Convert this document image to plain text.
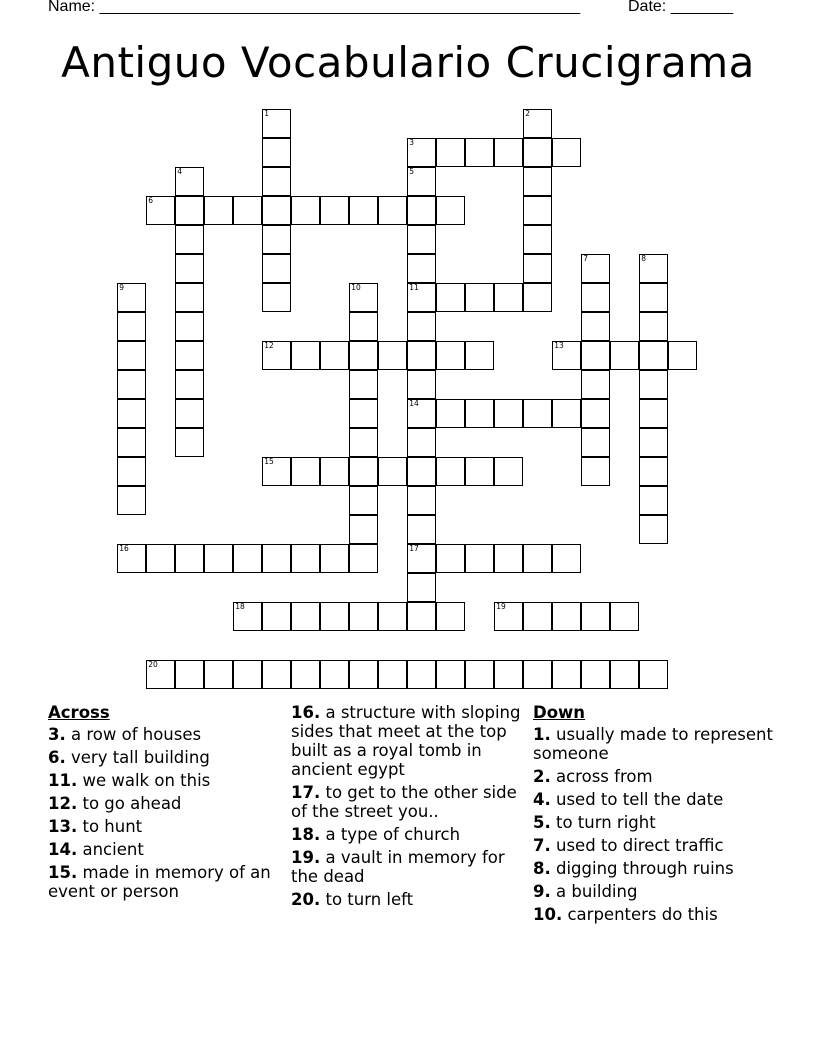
Name: ______________________________________________________	Date: _______
Antiguo Vocabulario Crucigrama
1	2
3
4	5
11
14
17
6
7	8
9	10
12	13
15
16
18	19
20
Across
3. a row of houses
6. very tall building
11. we walk on this
12. to go ahead
13. to hunt
14. ancient
15. made in memory of an event or person
16. a structure with sloping sides that meet at the top built as a royal tomb in ancient egypt
17. to get to the other side of the street you..
18. a type of church
19. a vault in memory for the dead
20. to turn left
Down
1. usually made to represent someone
2. across from
4. used to tell the date
5. to turn right
7. used to direct traffic
8. digging through ruins
9. a building
10. carpenters do this
